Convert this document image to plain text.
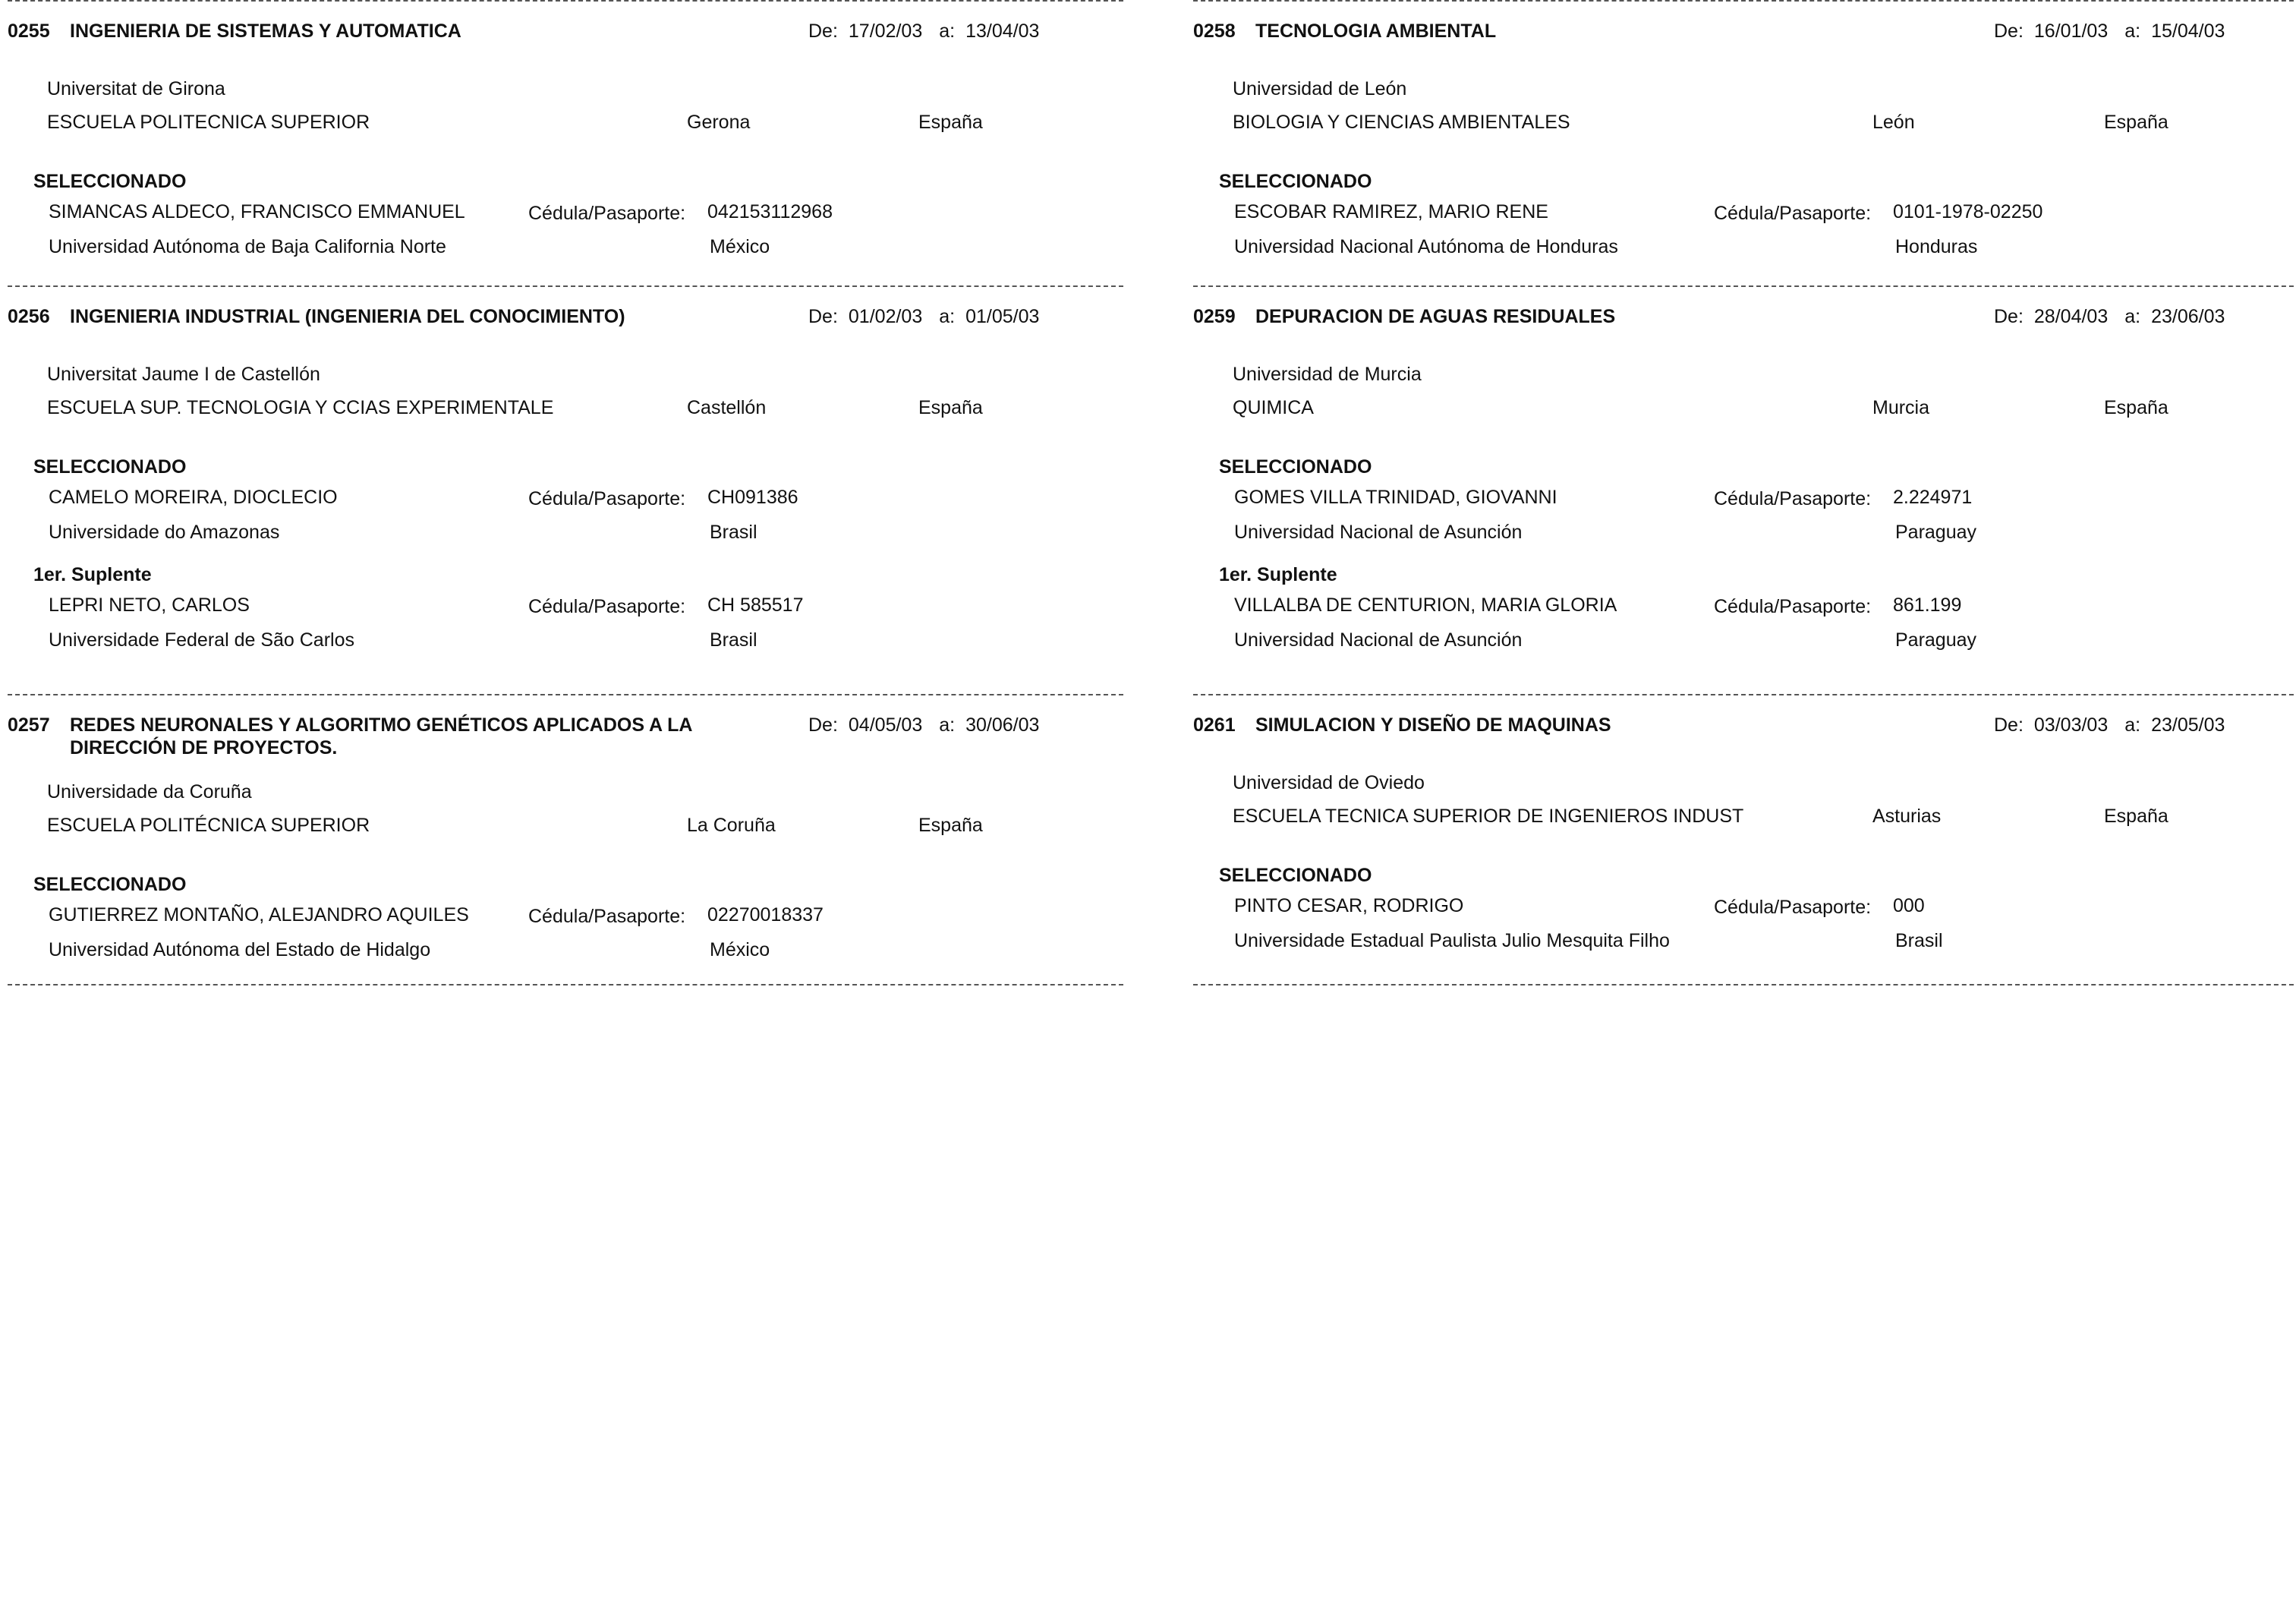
0255 INGENIERIA DE SISTEMAS Y AUTOMATICA	De: 17/02/03 a: 13/04/03
Universitat de Girona
ESCUELA POLITECNICA SUPERIOR	Gerona	España
SELECCIONADO
SIMANCAS ALDECO, FRANCISCO EMMANUEL	Cédula/Pasaporte: 042153112968
Universidad Autónoma de Baja California Norte	México
0256 INGENIERIA INDUSTRIAL (INGENIERIA DEL CONOCIMIENTO)	De: 01/02/03 a: 01/05/03
Universitat Jaume I de Castellón
ESCUELA SUP. TECNOLOGIA Y CCIAS EXPERIMENTALE	Castellón	España
SELECCIONADO
CAMELO MOREIRA, DIOCLECIO	Cédula/Pasaporte: CH091386
Universidade do Amazonas	Brasil
1er. Suplente
LEPRI NETO, CARLOS	Cédula/Pasaporte: CH 585517
Universidade Federal de São Carlos	Brasil
0257 REDES NEURONALES Y ALGORITMO GENÉTICOS APLICADOS A LA DIRECCIÓN DE PROYECTOS.
De: 04/05/03 a: 30/06/03
Universidade da Coruña
ESCUELA POLITÉCNICA SUPERIOR	La Coruña	España
SELECCIONADO
GUTIERREZ MONTAÑO, ALEJANDRO AQUILES	Cédula/Pasaporte: 02270018337
Universidad Autónoma del Estado de Hidalgo	México
0258 TECNOLOGIA AMBIENTAL	De: 16/01/03 a: 15/04/03
Universidad de León
BIOLOGIA Y CIENCIAS AMBIENTALES	León	España
SELECCIONADO
ESCOBAR RAMIREZ, MARIO RENE	Cédula/Pasaporte: 0101-1978-02250
Universidad Nacional Autónoma de Honduras	Honduras
0259 DEPURACION DE AGUAS RESIDUALES	De: 28/04/03 a: 23/06/03
Universidad de Murcia
QUIMICA	Murcia	España
SELECCIONADO
GOMES VILLA TRINIDAD, GIOVANNI	Cédula/Pasaporte: 2.224971
Universidad Nacional de Asunción	Paraguay
1er. Suplente
VILLALBA DE CENTURION, MARIA GLORIA	Cédula/Pasaporte: 861.199
Universidad Nacional de Asunción	Paraguay
0261 SIMULACION Y DISEÑO DE MAQUINAS	De: 03/03/03 a: 23/05/03
Universidad de Oviedo
ESCUELA TECNICA SUPERIOR DE INGENIEROS INDUST	Asturias	España
SELECCIONADO
PINTO CESAR, RODRIGO	Cédula/Pasaporte: 000
Universidade Estadual Paulista Julio Mesquita Filho	Brasil
